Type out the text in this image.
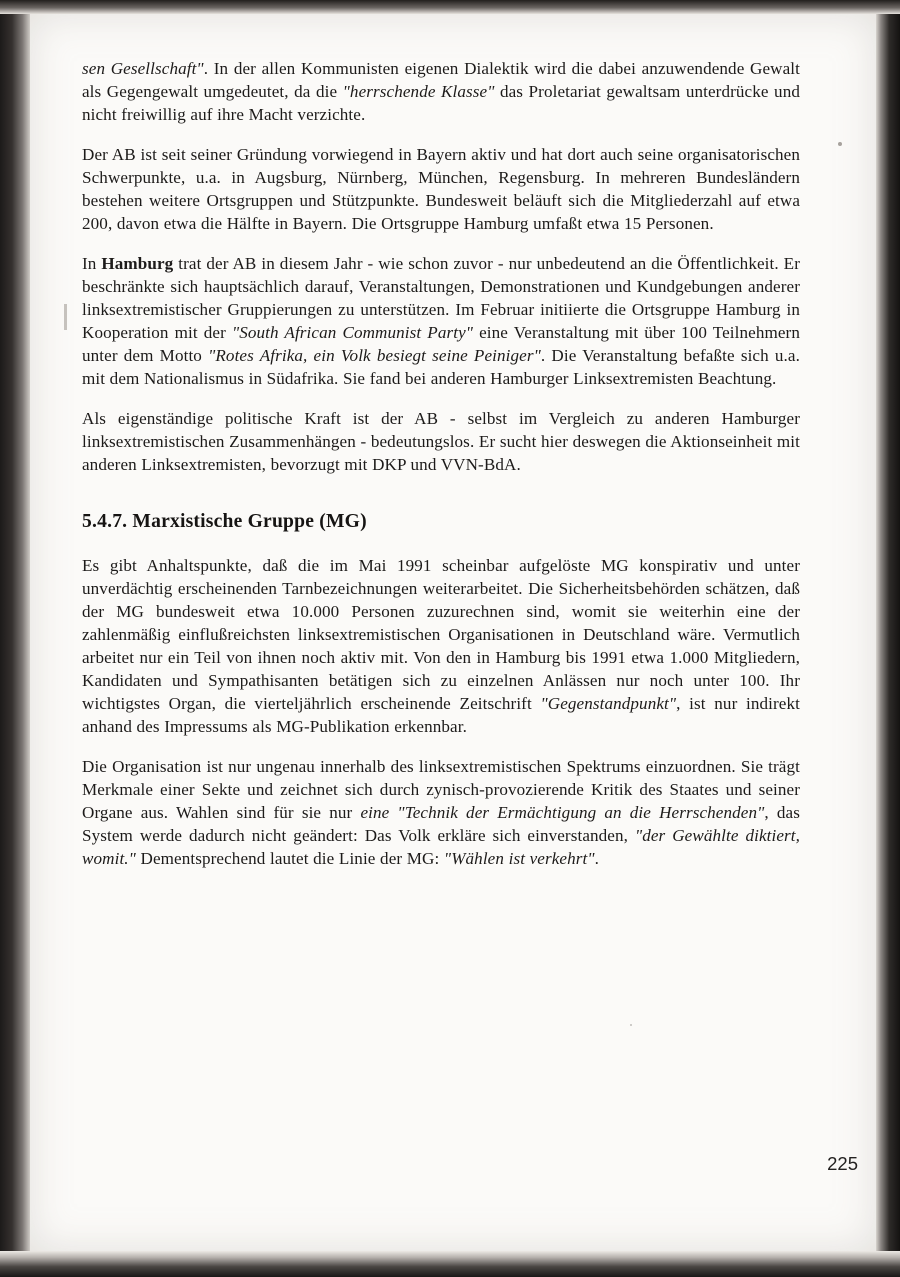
sen Gesellschaft". In der allen Kommunisten eigenen Dialektik wird die dabei anzuwendende Gewalt als Gegengewalt umgedeutet, da die "herrschende Klasse" das Proletariat gewaltsam unterdrücke und nicht freiwillig auf ihre Macht verzichte.

Der AB ist seit seiner Gründung vorwiegend in Bayern aktiv und hat dort auch seine organisatorischen Schwerpunkte, u.a. in Augsburg, Nürnberg, München, Regensburg. In mehreren Bundesländern bestehen weitere Ortsgruppen und Stützpunkte. Bundesweit beläuft sich die Mitgliederzahl auf etwa 200, davon etwa die Hälfte in Bayern. Die Ortsgruppe Hamburg umfaßt etwa 15 Personen.

In Hamburg trat der AB in diesem Jahr - wie schon zuvor - nur unbedeutend an die Öffentlichkeit. Er beschränkte sich hauptsächlich darauf, Veranstaltungen, Demonstrationen und Kundgebungen anderer linksextremistischer Gruppierungen zu unterstützen. Im Februar initiierte die Ortsgruppe Hamburg in Kooperation mit der "South African Communist Party" eine Veranstaltung mit über 100 Teilnehmern unter dem Motto "Rotes Afrika, ein Volk besiegt seine Peiniger". Die Veranstaltung befaßte sich u.a. mit dem Nationalismus in Südafrika. Sie fand bei anderen Hamburger Linksextremisten Beachtung.

Als eigenständige politische Kraft ist der AB - selbst im Vergleich zu anderen Hamburger linksextremistischen Zusammenhängen - bedeutungslos. Er sucht hier deswegen die Aktionseinheit mit anderen Linksextremisten, bevorzugt mit DKP und VVN-BdA.

5.4.7. Marxistische Gruppe (MG)

Es gibt Anhaltspunkte, daß die im Mai 1991 scheinbar aufgelöste MG konspirativ und unter unverdächtig erscheinenden Tarnbezeichnungen weiterarbeitet. Die Sicherheitsbehörden schätzen, daß der MG bundesweit etwa 10.000 Personen zuzurechnen sind, womit sie weiterhin eine der zahlenmäßig einflußreichsten linksextremistischen Organisationen in Deutschland wäre. Vermutlich arbeitet nur ein Teil von ihnen noch aktiv mit. Von den in Hamburg bis 1991 etwa 1.000 Mitgliedern, Kandidaten und Sympathisanten betätigen sich zu einzelnen Anlässen nur noch unter 100. Ihr wichtigstes Organ, die vierteljährlich erscheinende Zeitschrift "Gegenstandpunkt", ist nur indirekt anhand des Impressums als MG-Publikation erkennbar.

Die Organisation ist nur ungenau innerhalb des linksextremistischen Spektrums einzuordnen. Sie trägt Merkmale einer Sekte und zeichnet sich durch zynisch-provozierende Kritik des Staates und seiner Organe aus. Wahlen sind für sie nur eine "Technik der Ermächtigung an die Herrschenden", das System werde dadurch nicht geändert: Das Volk erkläre sich einverstanden, "der Gewählte diktiert, womit." Dementsprechend lautet die Linie der MG: "Wählen ist verkehrt".

225
